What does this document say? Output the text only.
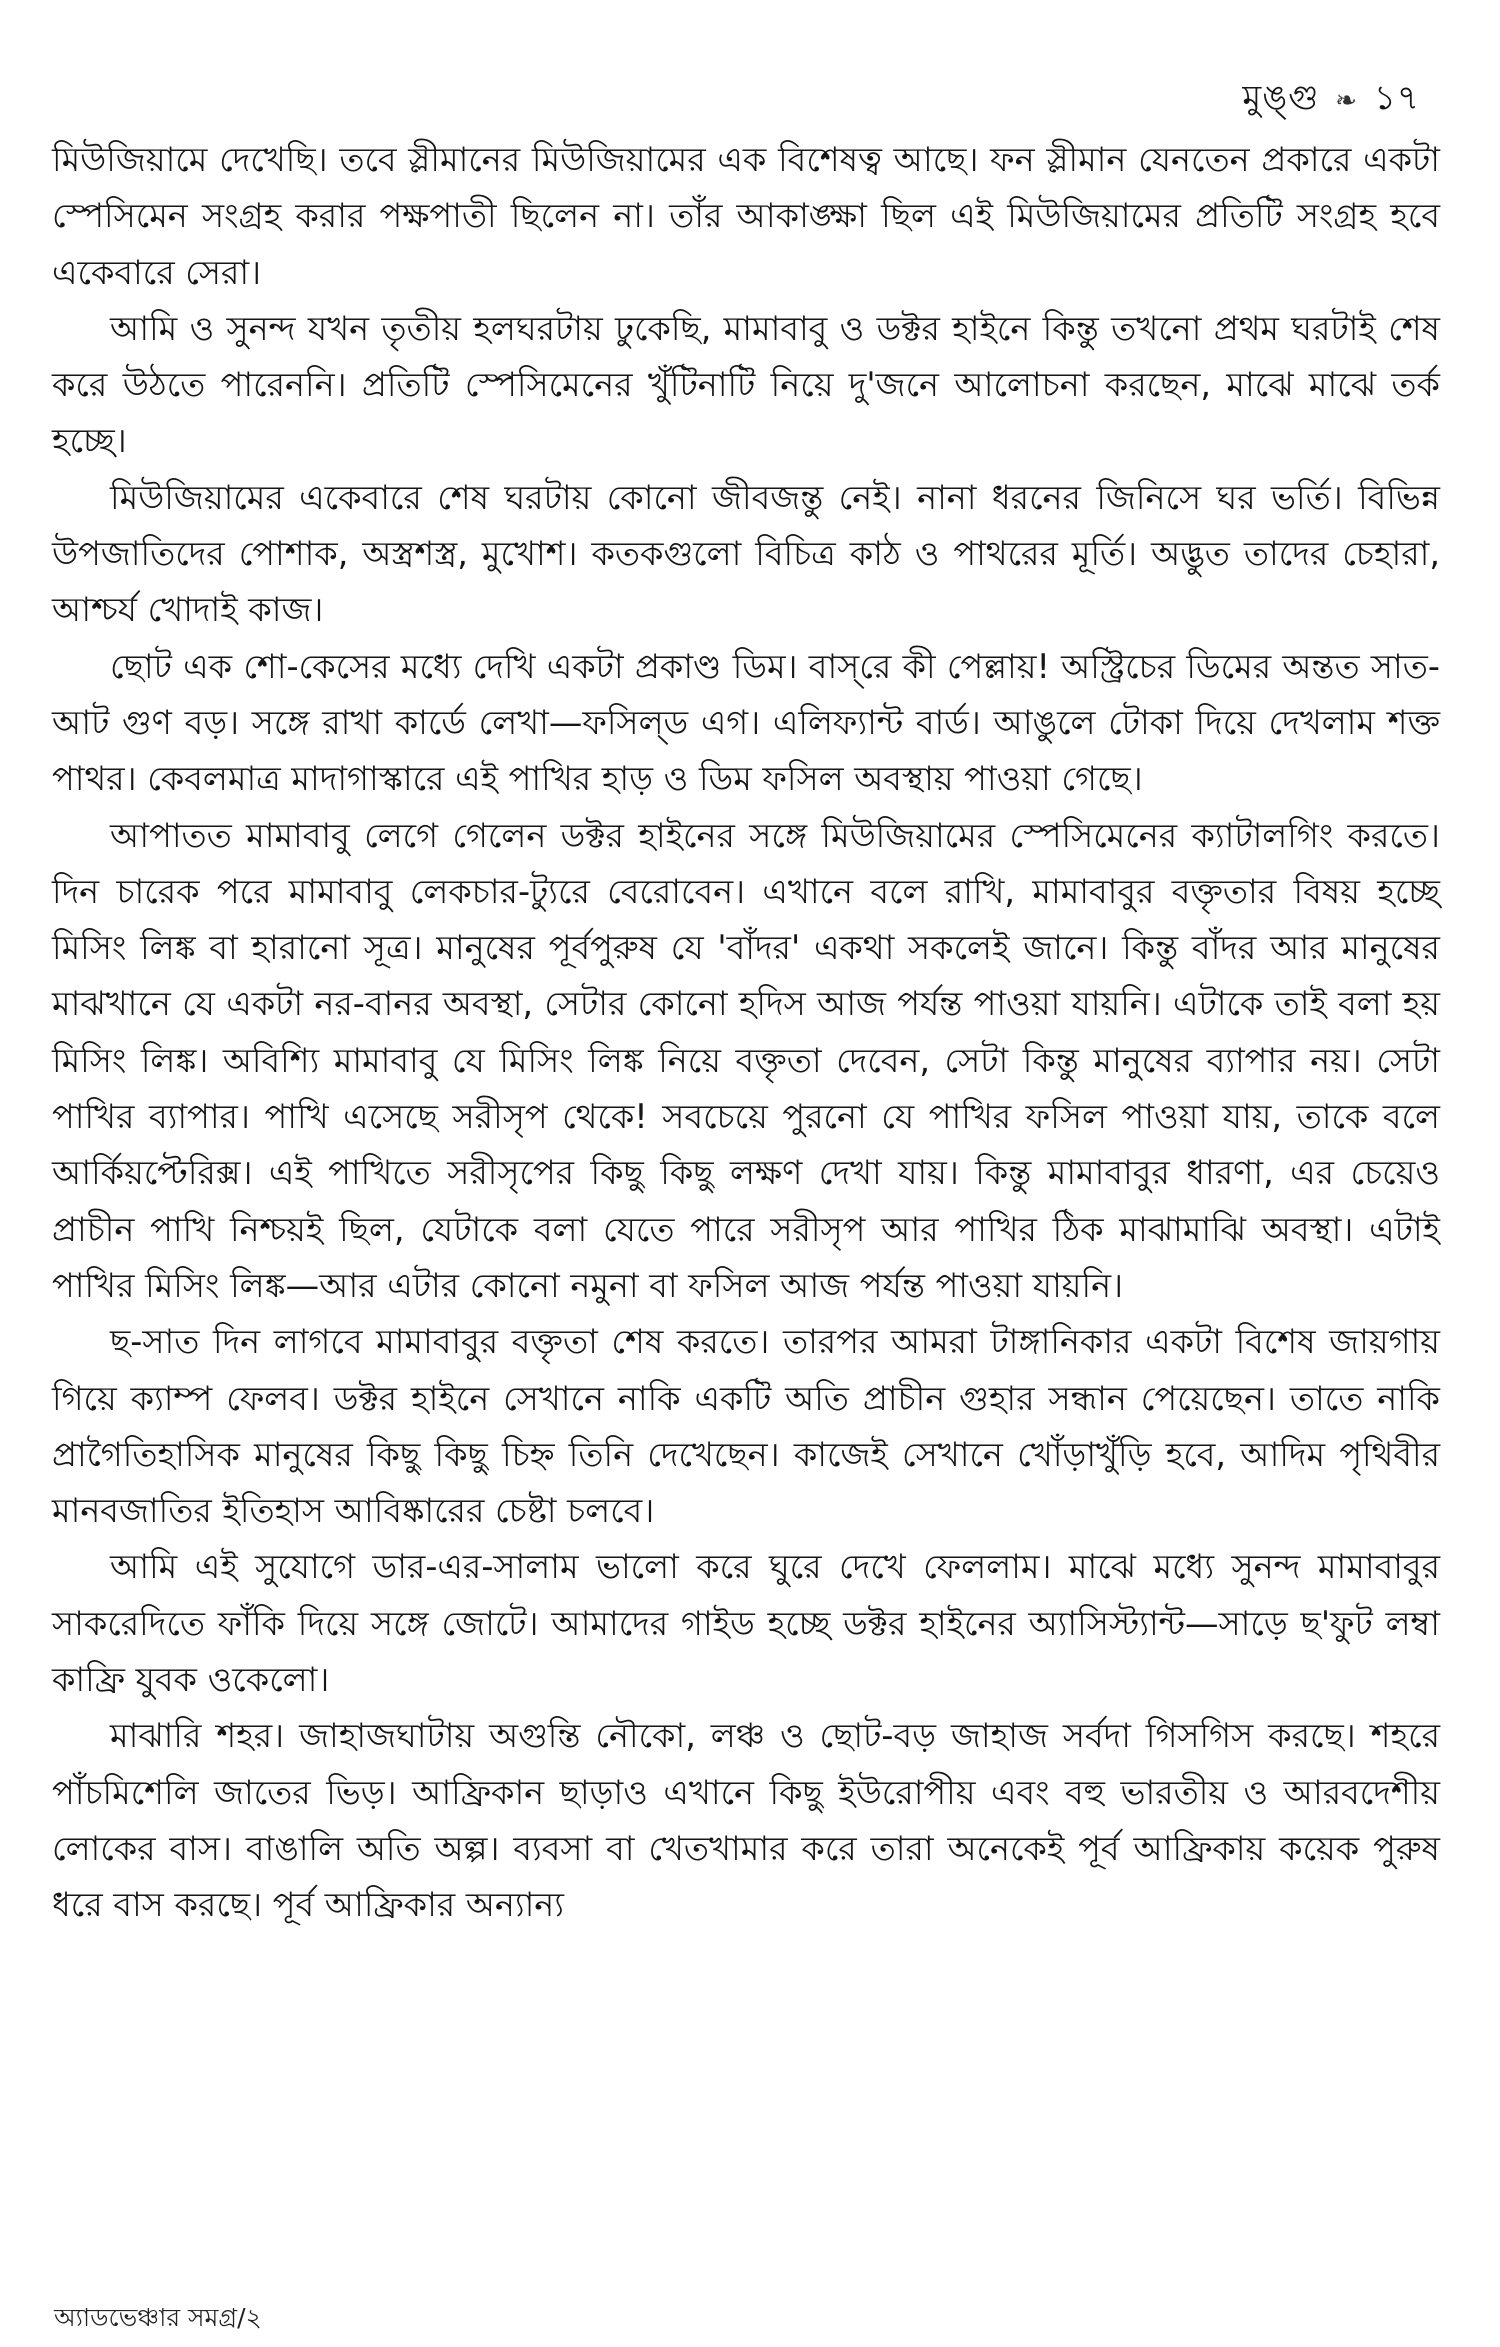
মুঙ্গু ❧ ১৭

মিউজিয়ামে দেখেছি। তবে স্লীমানের মিউজিয়ামের এক বিশেষত্ব আছে। ফন স্লীমান যেনতেন প্রকারে একটা স্পেসিমেন সংগ্রহ করার পক্ষপাতী ছিলেন না। তাঁর আকাঙ্ক্ষা ছিল এই মিউজিয়ামের প্রতিটি সংগ্রহ হবে একেবারে সেরা।

আমি ও সুনন্দ যখন তৃতীয় হলঘরটায় ঢুকেছি, মামাবাবু ও ডক্টর হাইনে কিন্তু তখনো প্রথম ঘরটাই শেষ করে উঠতে পারেননি। প্রতিটি স্পেসিমেনের খুঁটিনাটি নিয়ে দু'জনে আলোচনা করছেন, মাঝে মাঝে তর্ক হচ্ছে।

মিউজিয়ামের একেবারে শেষ ঘরটায় কোনো জীবজন্তু নেই। নানা ধরনের জিনিসে ঘর ভর্তি। বিভিন্ন উপজাতিদের পোশাক, অস্ত্রশস্ত্র, মুখোশ। কতকগুলো বিচিত্র কাঠ ও পাথরের মূর্তি। অদ্ভুত তাদের চেহারা, আশ্চর্য খোদাই কাজ।

ছোট এক শো-কেসের মধ্যে দেখি একটা প্রকাণ্ড ডিম। বাস্‌রে কী পেল্লায়! অস্ট্রিচের ডিমের অন্তত সাত-আট গুণ বড়। সঙ্গে রাখা কার্ডে লেখা—ফসিল্‌ড এগ। এলিফ্যান্ট বার্ড। আঙুলে টোকা দিয়ে দেখলাম শক্ত পাথর। কেবলমাত্র মাদাগাস্কারে এই পাখির হাড় ও ডিম ফসিল অবস্থায় পাওয়া গেছে।

আপাতত মামাবাবু লেগে গেলেন ডক্টর হাইনের সঙ্গে মিউজিয়ামের স্পেসিমেনের ক্যাটালগিং করতে। দিন চারেক পরে মামাবাবু লেকচার-ট্যুরে বেরোবেন। এখানে বলে রাখি, মামাবাবুর বক্তৃতার বিষয় হচ্ছে মিসিং লিঙ্ক বা হারানো সূত্র। মানুষের পূর্বপুরুষ যে 'বাঁদর' একথা সকলেই জানে। কিন্তু বাঁদর আর মানুষের মাঝখানে যে একটা নর-বানর অবস্থা, সেটার কোনো হদিস আজ পর্যন্ত পাওয়া যায়নি। এটাকে তাই বলা হয় মিসিং লিঙ্ক। অবিশ্যি মামাবাবু যে মিসিং লিঙ্ক নিয়ে বক্তৃতা দেবেন, সেটা কিন্তু মানুষের ব্যাপার নয়। সেটা পাখির ব্যাপার। পাখি এসেছে সরীসৃপ থেকে! সবচেয়ে পুরনো যে পাখির ফসিল পাওয়া যায়, তাকে বলে আর্কিয়প্টেরিক্স। এই পাখিতে সরীসৃপের কিছু কিছু লক্ষণ দেখা যায়। কিন্তু মামাবাবুর ধারণা, এর চেয়েও প্রাচীন পাখি নিশ্চয়ই ছিল, যেটাকে বলা যেতে পারে সরীসৃপ আর পাখির ঠিক মাঝামাঝি অবস্থা। এটাই পাখির মিসিং লিঙ্ক—আর এটার কোনো নমুনা বা ফসিল আজ পর্যন্ত পাওয়া যায়নি।

ছ-সাত দিন লাগবে মামাবাবুর বক্তৃতা শেষ করতে। তারপর আমরা টাঙ্গানিকার একটা বিশেষ জায়গায় গিয়ে ক্যাম্প ফেলব। ডক্টর হাইনে সেখানে নাকি একটি অতি প্রাচীন গুহার সন্ধান পেয়েছেন। তাতে নাকি প্রাগৈতিহাসিক মানুষের কিছু কিছু চিহ্ন তিনি দেখেছেন। কাজেই সেখানে খোঁড়াখুঁড়ি হবে, আদিম পৃথিবীর মানবজাতির ইতিহাস আবিষ্কারের চেষ্টা চলবে।

আমি এই সুযোগে ডার-এর-সালাম ভালো করে ঘুরে দেখে ফেললাম। মাঝে মধ্যে সুনন্দ মামাবাবুর সাকরেদিতে ফাঁকি দিয়ে সঙ্গে জোটে। আমাদের গাইড হচ্ছে ডক্টর হাইনের অ্যাসিস্ট্যান্ট—সাড়ে ছ'ফুট লম্বা কাফ্রি যুবক ওকেলো।

মাঝারি শহর। জাহাজঘাটায় অগুন্তি নৌকো, লঞ্চ ও ছোট-বড় জাহাজ সর্বদা গিসগিস করছে। শহরে পাঁচমিশেলি জাতের ভিড়। আফ্রিকান ছাড়াও এখানে কিছু ইউরোপীয় এবং বহু ভারতীয় ও আরবদেশীয় লোকের বাস। বাঙালি অতি অল্প। ব্যবসা বা খেতখামার করে তারা অনেকেই পূর্ব আফ্রিকায় কয়েক পুরুষ ধরে বাস করছে। পূর্ব আফ্রিকার অন্যান্য

অ্যাডভেঞ্চার সমগ্র/২
